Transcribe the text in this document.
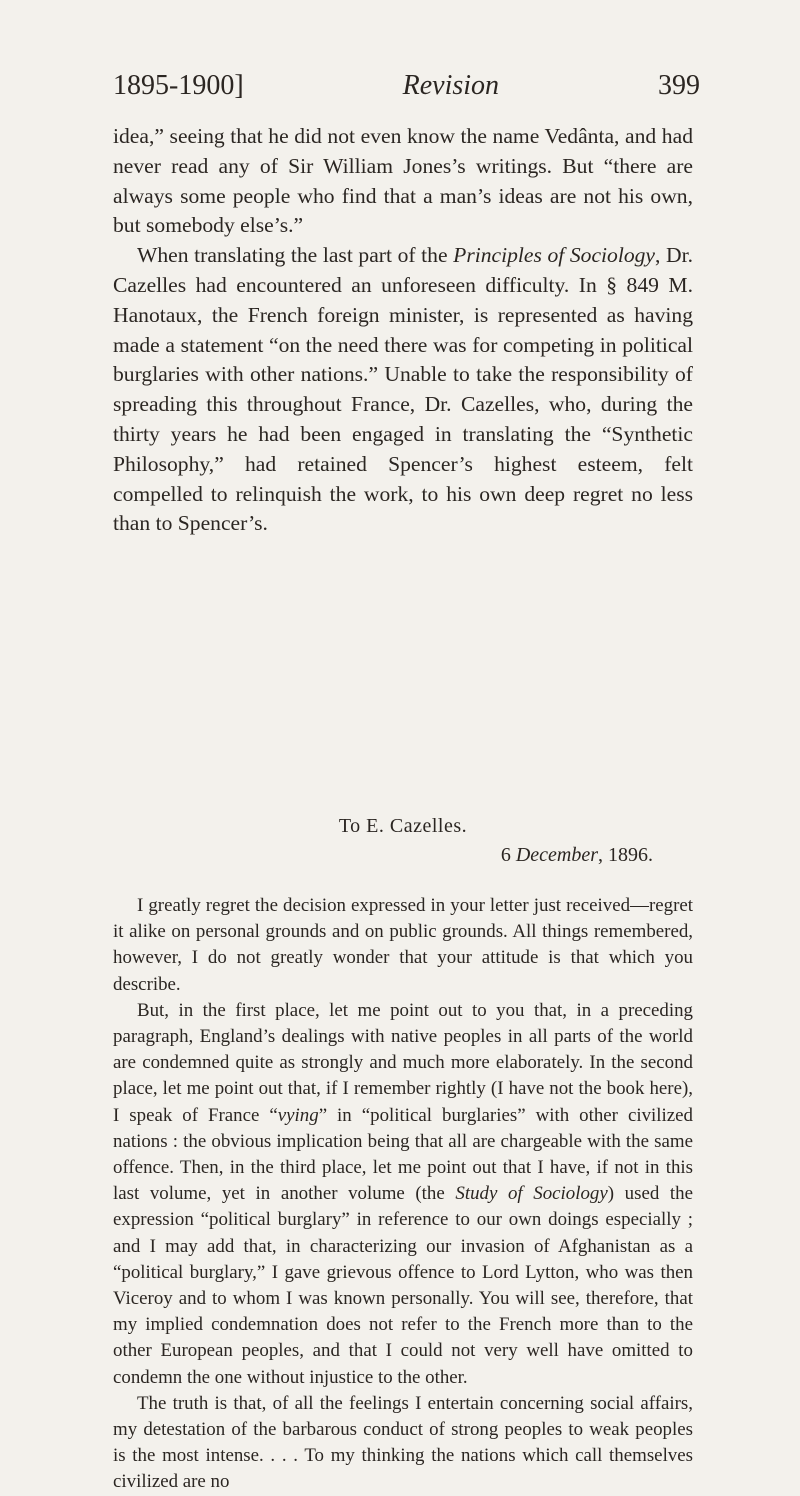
1895-1900]	Revision	399

idea,” seeing that he did not even know the name Vedânta, and had never read any of Sir William Jones’s writings. But “there are always some people who find that a man’s ideas are not his own, but somebody else’s.”

When translating the last part of the Principles of Sociology, Dr. Cazelles had encountered an unforeseen difficulty. In § 849 M. Hanotaux, the French foreign minister, is represented as having made a statement “on the need there was for competing in political burglaries with other nations.” Unable to take the responsibility of spreading this throughout France, Dr. Cazelles, who, during the thirty years he had been engaged in translating the “Synthetic Philosophy,” had retained Spencer’s highest esteem, felt compelled to relinquish the work, to his own deep regret no less than to Spencer’s.

To E. Cazelles.
6 December, 1896.

I greatly regret the decision expressed in your letter just received—regret it alike on personal grounds and on public grounds. All things remembered, however, I do not greatly wonder that your attitude is that which you describe.

But, in the first place, let me point out to you that, in a preceding paragraph, England’s dealings with native peoples in all parts of the world are condemned quite as strongly and much more elaborately. In the second place, let me point out that, if I remember rightly (I have not the book here), I speak of France “vying” in “political burglaries” with other civilized nations : the obvious implication being that all are chargeable with the same offence. Then, in the third place, let me point out that I have, if not in this last volume, yet in another volume (the Study of Sociology) used the expression “political burglary” in reference to our own doings especially ; and I may add that, in characterizing our invasion of Afghanistan as a “political burglary,” I gave grievous offence to Lord Lytton, who was then Viceroy and to whom I was known personally. You will see, therefore, that my implied condemnation does not refer to the French more than to the other European peoples, and that I could not very well have omitted to condemn the one without injustice to the other.

The truth is that, of all the feelings I entertain concerning social affairs, my detestation of the barbarous conduct of strong peoples to weak peoples is the most intense. . . . To my thinking the nations which call themselves civilized are no
